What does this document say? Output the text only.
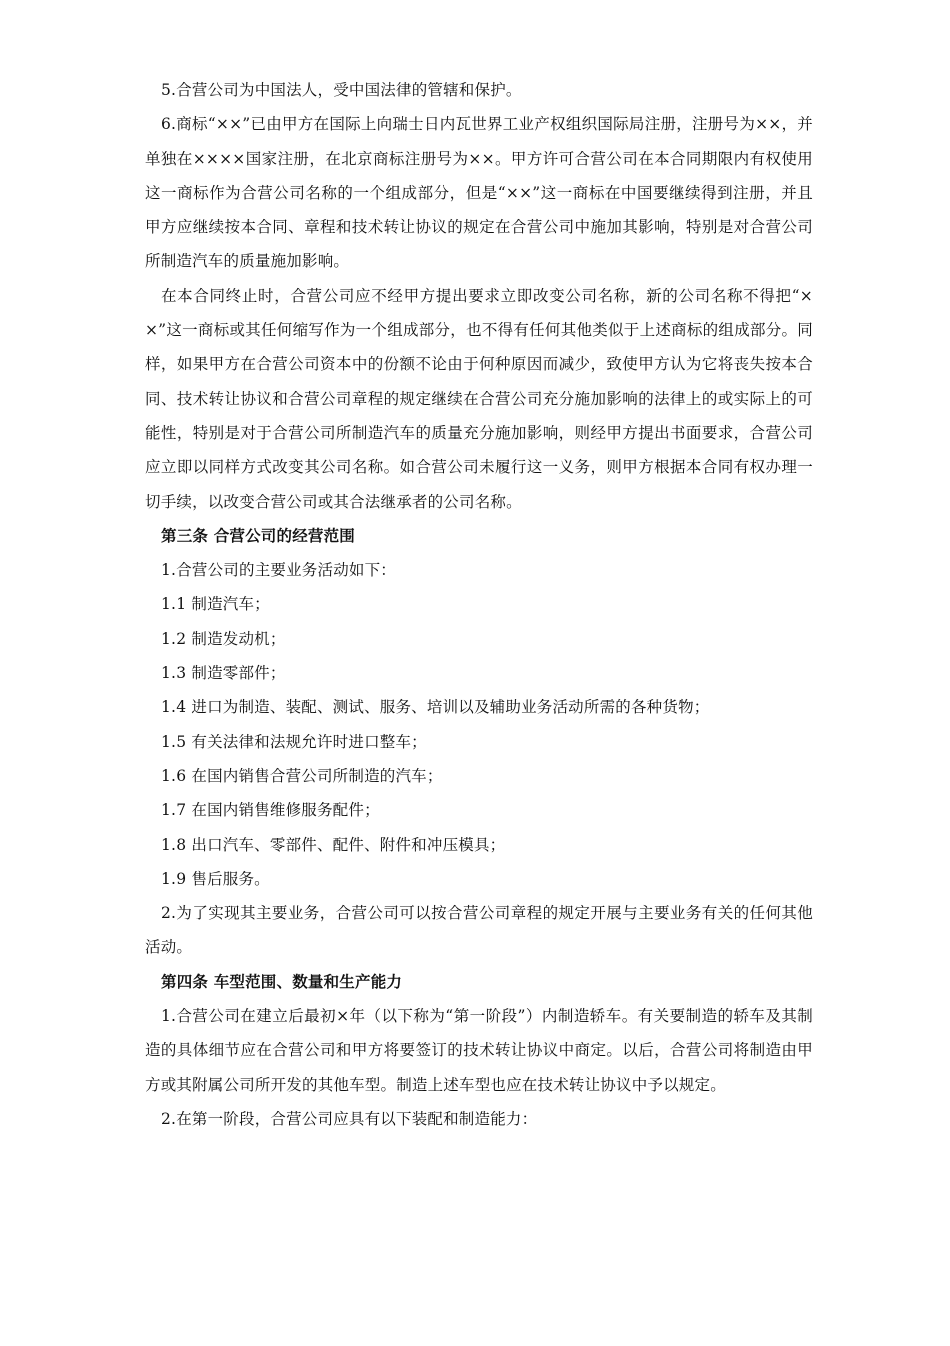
5.合营公司为中国法人，受中国法律的管辖和保护。

6.商标“××”已由甲方在国际上向瑞士日内瓦世界工业产权组织国际局注册，注册号为××，并单独在××××国家注册，在北京商标注册号为××。甲方许可合营公司在本合同期限内有权使用这一商标作为合营公司名称的一个组成部分，但是“××”这一商标在中国要继续得到注册，并且甲方应继续按本合同、章程和技术转让协议的规定在合营公司中施加其影响，特别是对合营公司所制造汽车的质量施加影响。

在本合同终止时，合营公司应不经甲方提出要求立即改变公司名称，新的公司名称不得把“××”这一商标或其任何缩写作为一个组成部分，也不得有任何其他类似于上述商标的组成部分。同样，如果甲方在合营公司资本中的份额不论由于何种原因而减少，致使甲方认为它将丧失按本合同、技术转让协议和合营公司章程的规定继续在合营公司充分施加影响的法律上的或实际上的可能性，特别是对于合营公司所制造汽车的质量充分施加影响，则经甲方提出书面要求，合营公司应立即以同样方式改变其公司名称。如合营公司未履行这一义务，则甲方根据本合同有权办理一切手续，以改变合营公司或其合法继承者的公司名称。

第三条 合营公司的经营范围

1.合营公司的主要业务活动如下：

1.1 制造汽车；

1.2 制造发动机；

1.3 制造零部件；

1.4 进口为制造、装配、测试、服务、培训以及辅助业务活动所需的各种货物；

1.5 有关法律和法规允许时进口整车；

1.6 在国内销售合营公司所制造的汽车；

1.7 在国内销售维修服务配件；

1.8 出口汽车、零部件、配件、附件和冲压模具；

1.9 售后服务。

2.为了实现其主要业务，合营公司可以按合营公司章程的规定开展与主要业务有关的任何其他活动。

第四条 车型范围、数量和生产能力

1.合营公司在建立后最初×年（以下称为“第一阶段”）内制造轿车。有关要制造的轿车及其制造的具体细节应在合营公司和甲方将要签订的技术转让协议中商定。以后，合营公司将制造由甲方或其附属公司所开发的其他车型。制造上述车型也应在技术转让协议中予以规定。

2.在第一阶段，合营公司应具有以下装配和制造能力：
